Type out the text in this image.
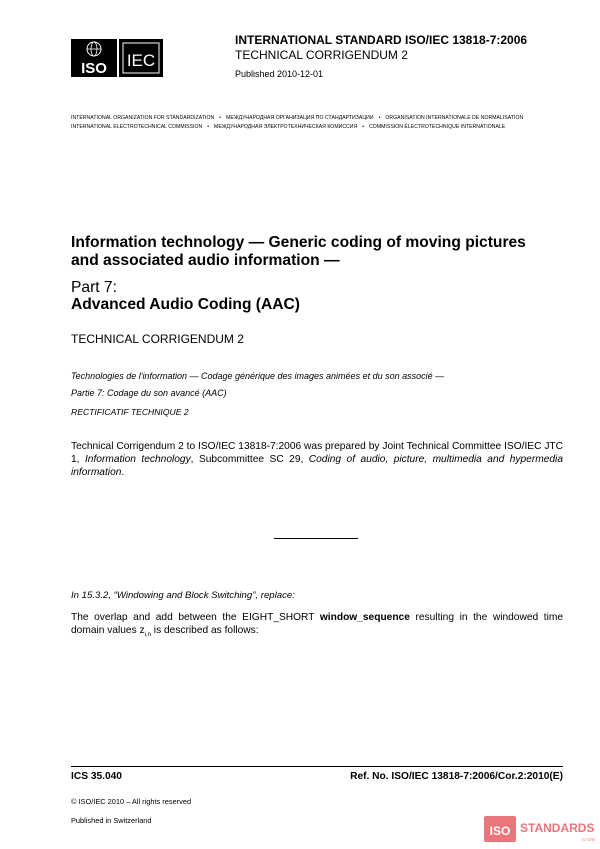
ISO IEC
INTERNATIONAL STANDARD ISO/IEC 13818-7:2006
TECHNICAL CORRIGENDUM 2
Published 2010-12-01
INTERNATIONAL ORGANIZATION FOR STANDARDIZATION • МЕЖДУНАРОДНАЯ ОРГАНИЗАЦИЯ ПО СТАНДАРТИЗАЦИИ • ORGANISATION INTERNATIONALE DE NORMALISATION
INTERNATIONAL ELECTROTECHNICAL COMMISSION • МЕЖДУНАРОДНАЯ ЭЛЕКТРОТЕХНИЧЕСКАЯ КОМИССИЯ • COMMISSION ÉLECTROTECHNIQUE INTERNATIONALE
Information technology — Generic coding of moving pictures and associated audio information —
Part 7:
Advanced Audio Coding (AAC)
TECHNICAL CORRIGENDUM 2
Technologies de l'information — Codage générique des images animées et du son associé —
Partie 7: Codage du son avancé (AAC)
RECTIFICATIF TECHNIQUE 2
Technical Corrigendum 2 to ISO/IEC 13818-7:2006 was prepared by Joint Technical Committee ISO/IEC JTC 1, Information technology, Subcommittee SC 29, Coding of audio, picture, multimedia and hypermedia information.
In 15.3.2, “Windowing and Block Switching”, replace:
The overlap and add between the EIGHT_SHORT window_sequence resulting in the windowed time domain values $z_{i,n}$ is described as follows:
ICS 35.040	Ref. No. ISO/IEC 13818-7:2006/Cor.2:2010(E)
© ISO/IEC 2010 – All rights reserved
Published in Switzerland
ISO STANDARDS
STORE
